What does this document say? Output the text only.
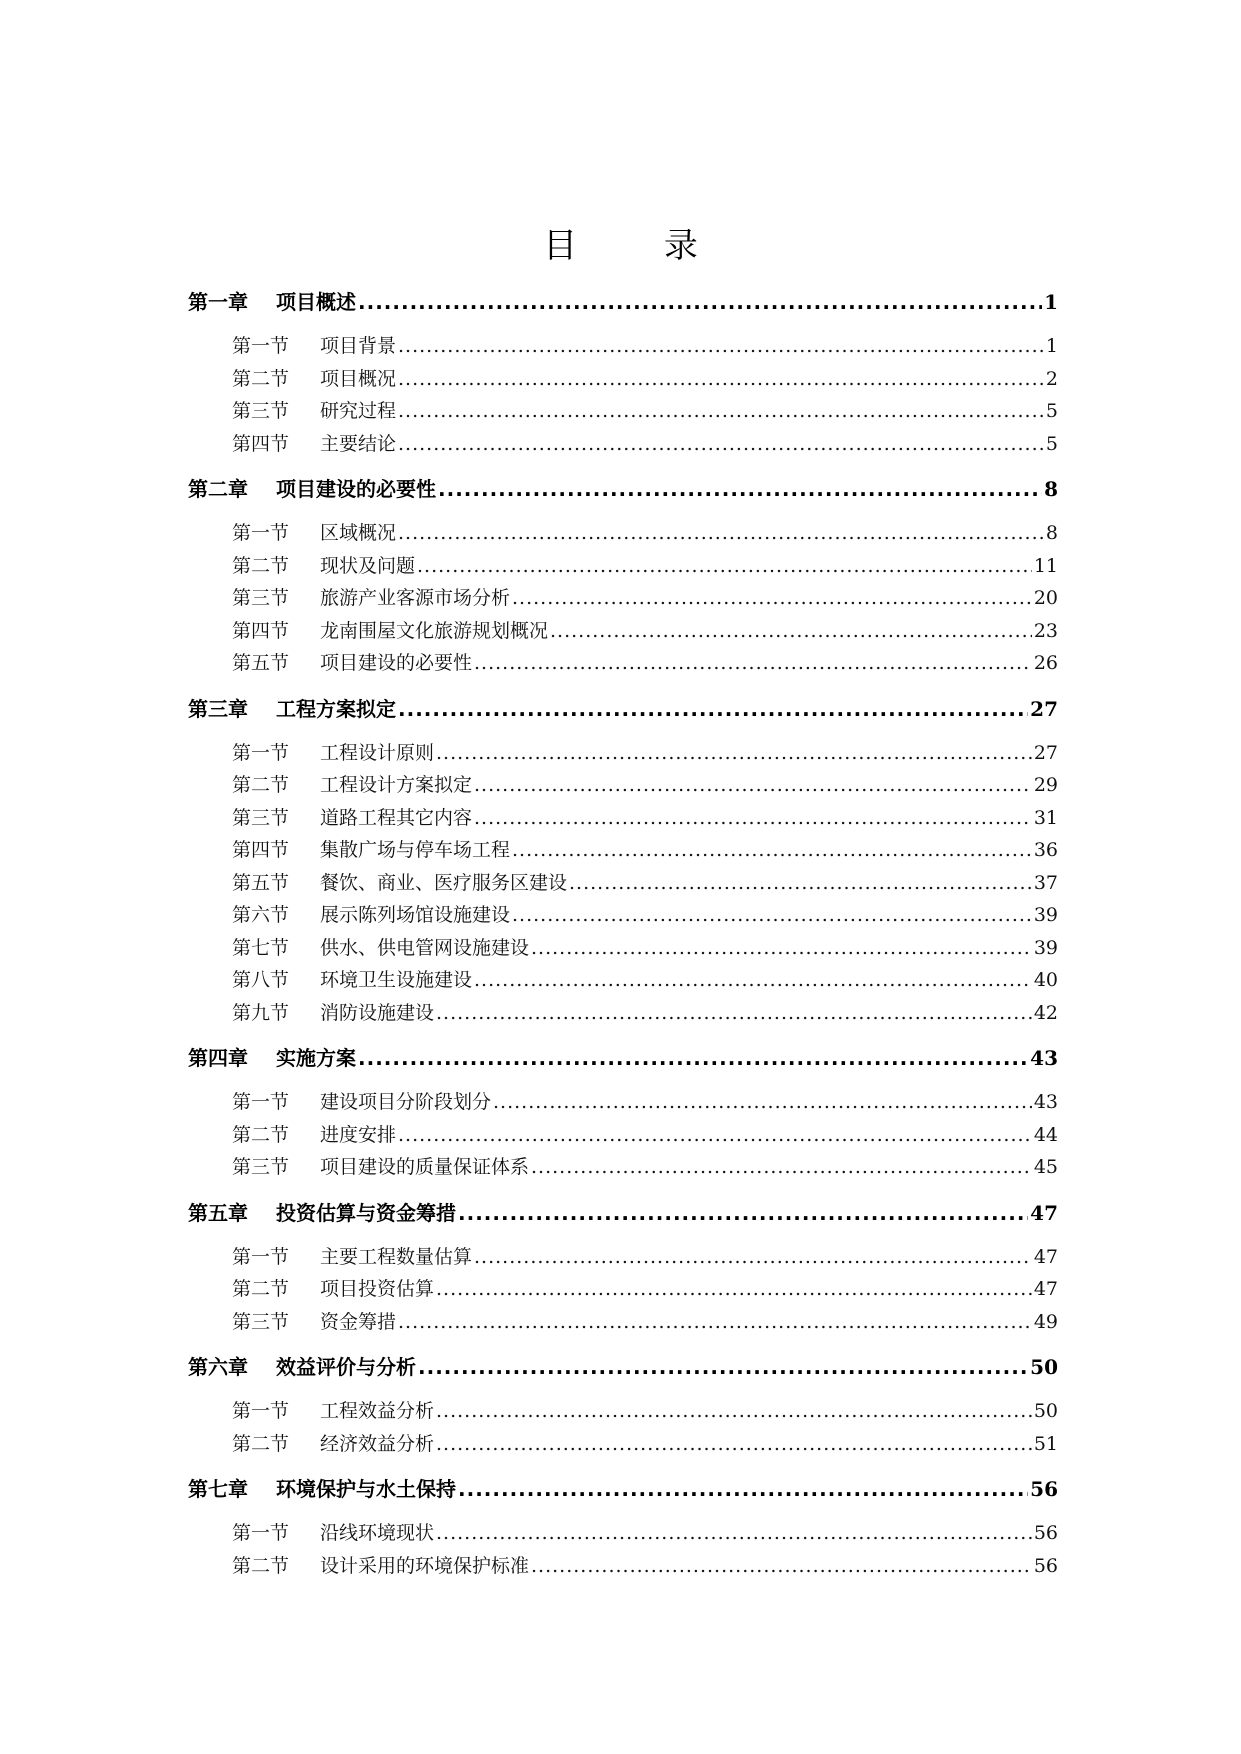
目 录
第一章	项目概述 .....	1
第一节	项目背景 .....	1
第二节	项目概况 .....	2
第三节	研究过程 .....	5
第四节	主要结论 .....	5
第二章	项目建设的必要性 .....	8
第一节	区域概况 .....	8
第二节	现状及问题 .....	11
第三节	旅游产业客源市场分析 .....	20
第四节	龙南围屋文化旅游规划概况 .....	23
第五节	项目建设的必要性 .....	26
第三章	工程方案拟定 .....	27
第一节	工程设计原则 .....	27
第二节	工程设计方案拟定 .....	29
第三节	道路工程其它内容 .....	31
第四节	集散广场与停车场工程 .....	36
第五节	餐饮、商业、医疗服务区建设 .....	37
第六节	展示陈列场馆设施建设 .....	39
第七节	供水、供电管网设施建设 .....	39
第八节	环境卫生设施建设 .....	40
第九节	消防设施建设 .....	42
第四章	实施方案 .....	43
第一节	建设项目分阶段划分 .....	43
第二节	进度安排 .....	44
第三节	项目建设的质量保证体系 .....	45
第五章	投资估算与资金筹措 .....	47
第一节	主要工程数量估算 .....	47
第二节	项目投资估算 .....	47
第三节	资金筹措 .....	49
第六章	效益评价与分析 .....	50
第一节	工程效益分析 .....	50
第二节	经济效益分析 .....	51
第七章	环境保护与水土保持 .....	56
第一节	沿线环境现状 .....	56
第二节	设计采用的环境保护标准 .....	56
